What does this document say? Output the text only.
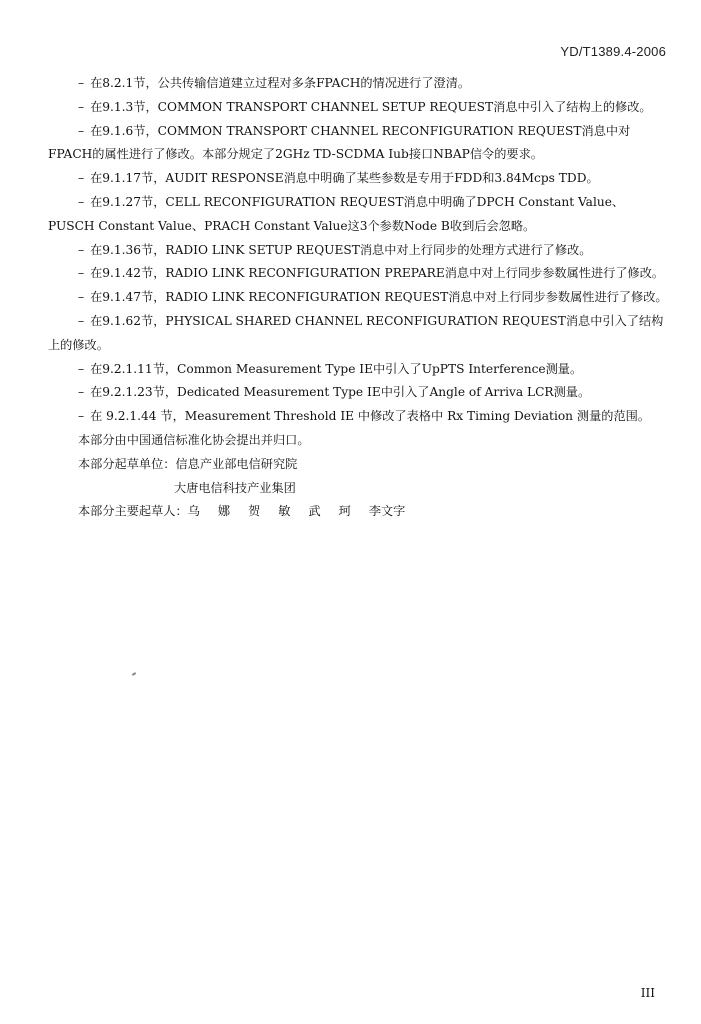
YD/T1389.4-2006

– 在8.2.1节，公共传输信道建立过程对多条FPACH的情况进行了澄清。

– 在9.1.3节，COMMON TRANSPORT CHANNEL SETUP REQUEST消息中引入了结构上的修改。

– 在9.1.6节，COMMON TRANSPORT CHANNEL RECONFIGURATION REQUEST消息中对FPACH的属性进行了修改。本部分规定了2GHz TD-SCDMA Iub接口NBAP信令的要求。

– 在9.1.17节，AUDIT RESPONSE消息中明确了某些参数是专用于FDD和3.84Mcps TDD。

– 在9.1.27节，CELL RECONFIGURATION REQUEST消息中明确了DPCH Constant Value、PUSCH Constant Value、PRACH Constant Value这3个参数Node B收到后会忽略。

– 在9.1.36节，RADIO LINK SETUP REQUEST消息中对上行同步的处理方式进行了修改。

– 在9.1.42节，RADIO LINK RECONFIGURATION PREPARE消息中对上行同步参数属性进行了修改。

– 在9.1.47节，RADIO LINK RECONFIGURATION REQUEST消息中对上行同步参数属性进行了修改。

– 在9.1.62节，PHYSICAL SHARED CHANNEL RECONFIGURATION REQUEST消息中引入了结构上的修改。

– 在9.2.1.11节，Common Measurement Type IE中引入了UpPTS Interference测量。

– 在9.2.1.23节，Dedicated Measurement Type IE中引入了Angle of Arriva LCR测量。

– 在 9.2.1.44 节，Measurement Threshold IE 中修改了表格中 Rx Timing Deviation 测量的范围。

本部分由中国通信标准化协会提出并归口。

本部分起草单位：信息产业部电信研究院

大唐电信科技产业集团

本部分主要起草人：乌 娜 贺 敏 武 珂 李文字

III
